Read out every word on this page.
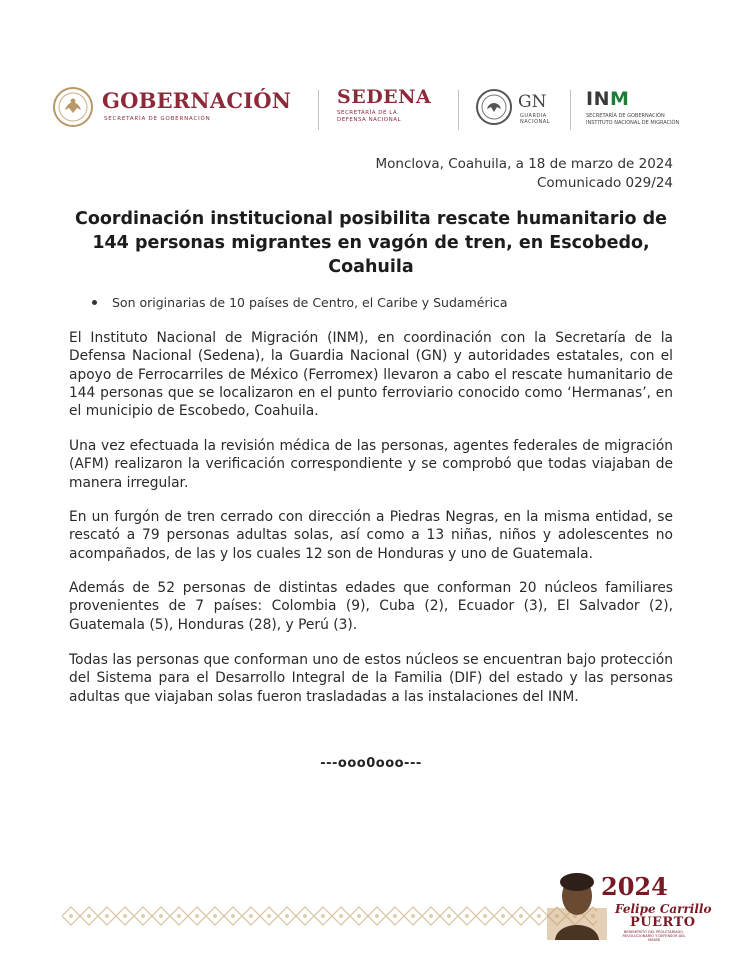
GOBERNACIÓN
SECRETARÍA DE GOBERNACIÓN
SEDENA
SECRETARÍA DE LA DEFENSA NACIONAL
GN
GUARDIA
NACIONAL
INM
SECRETARÍA DE GOBERNACIÓN
INSTITUTO NACIONAL DE MIGRACIÓN
Monclova, Coahuila, a 18 de marzo de 2024
Comunicado 029/24
Coordinación institucional posibilita rescate humanitario de 144 personas migrantes en vagón de tren, en Escobedo, Coahuila
Son originarias de 10 países de Centro, el Caribe y Sudamérica

El Instituto Nacional de Migración (INM), en coordinación con la Secretaría de la Defensa Nacional (Sedena), la Guardia Nacional (GN) y autoridades estatales, con el apoyo de Ferrocarriles de México (Ferromex) llevaron a cabo el rescate humanitario de 144 personas que se localizaron en el punto ferroviario conocido como ‘Hermanas’, en el municipio de Escobedo, Coahuila.

Una vez efectuada la revisión médica de las personas, agentes federales de migración (AFM) realizaron la verificación correspondiente y se comprobó que todas viajaban de manera irregular.

En un furgón de tren cerrado con dirección a Piedras Negras, en la misma entidad, se rescató a 79 personas adultas solas, así como a 13 niñas, niños y adolescentes no acompañados, de las y los cuales 12 son de Honduras y uno de Guatemala.

Además de 52 personas de distintas edades que conforman 20 núcleos familiares provenientes de 7 países: Colombia (9), Cuba (2), Ecuador (3), El Salvador (2), Guatemala (5), Honduras (28), y Perú (3).

Todas las personas que conforman uno de estos núcleos se encuentran bajo protección del Sistema para el Desarrollo Integral de la Familia (DIF) del estado y las personas adultas que viajaban solas fueron trasladadas a las instalaciones del INM.

---ooo0ooo---
2024
Felipe Carrillo
PUERTO
BENEMÉRITO DEL PROLETARIADO, REVOLUCIONARIO Y DEFENSOR DEL MAYAB
